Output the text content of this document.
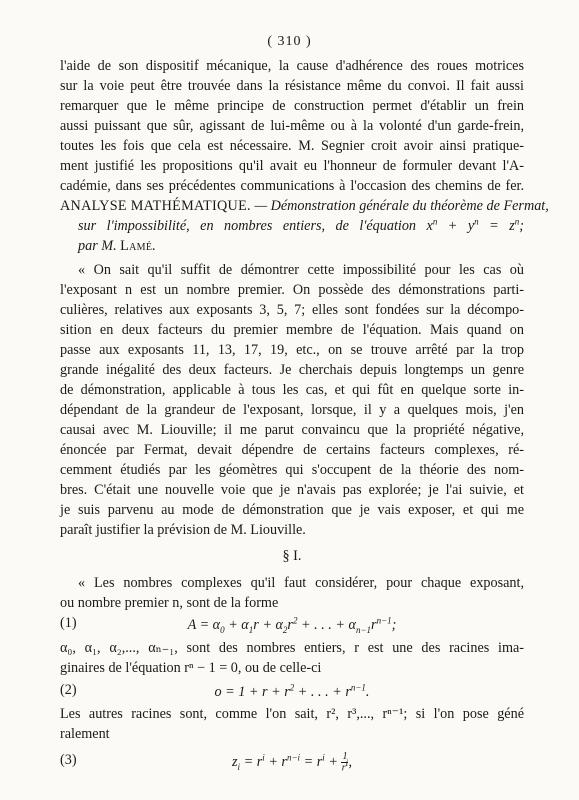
( 310 )
l'aide de son dispositif mécanique, la cause d'adhérence des roues motrices
sur la voie peut être trouvée dans la résistance même du convoi. Il fait aussi
remarquer que le même principe de construction permet d'établir un frein
aussi puissant que sûr, agissant de lui-même ou à la volonté d'un garde-frein,
toutes les fois que cela est nécessaire. M. Segnier croit avoir ainsi pratique-
ment justifié les propositions qu'il avait eu l'honneur de formuler devant l'A-
cadémie, dans ses précédentes communications à l'occasion des chemins de fer.
ANALYSE MATHÉMATIQUE. — Démonstration générale du théorème de Fermat,
sur l'impossibilité, en nombres entiers, de l'équation $x^n + y^n = z^n$;
par M. Lamé.
« On sait qu'il suffit de démontrer cette impossibilité pour les cas où
l'exposant n est un nombre premier. On possède des démonstrations parti-
culières, relatives aux exposants 3, 5, 7; elles sont fondées sur la décompo-
sition en deux facteurs du premier membre de l'équation. Mais quand on
passe aux exposants 11, 13, 17, 19, etc., on se trouve arrêté par la trop
grande inégalité des deux facteurs. Je cherchais depuis longtemps un genre
de démonstration, applicable à tous les cas, et qui fût en quelque sorte in-
dépendant de la grandeur de l'exposant, lorsque, il y a quelques mois, j'en
causai avec M. Liouville; il me parut convaincu que la propriété négative,
énoncée par Fermat, devait dépendre de certains facteurs complexes, ré-
cemment étudiés par les géomètres qui s'occupent de la théorie des nom-
bres. C'était une nouvelle voie que je n'avais pas explorée; je l'ai suivie, et
je suis parvenu au mode de démonstration que je vais exposer, et qui me
paraît justifier la prévision de M. Liouville.
§ I.
« Les nombres complexes qu'il faut considérer, pour chaque exposant,
ou nombre premier n, sont de la forme
(1)	$A = \alpha_0 + \alpha_1r + \alpha_2r^2$ + . . . + $\alpha_{n-1}r^{n-1}$;
α₀, α₁, α₂,..., αₙ₋₁, sont des nombres entiers, r est une des racines ima-
ginaires de l'équation rⁿ − 1 = 0, ou de celle-ci
(2)	$o = 1 + r + r^2$ + . . . + $r^{n-1}$.
Les autres racines sont, comme l'on sait, r², r³,..., rⁿ⁻¹; si l'on pose géné
ralement
(3)	$z_i = r^i + r^{n-i} = r^i + \frac{1}{r^i}$ ,
